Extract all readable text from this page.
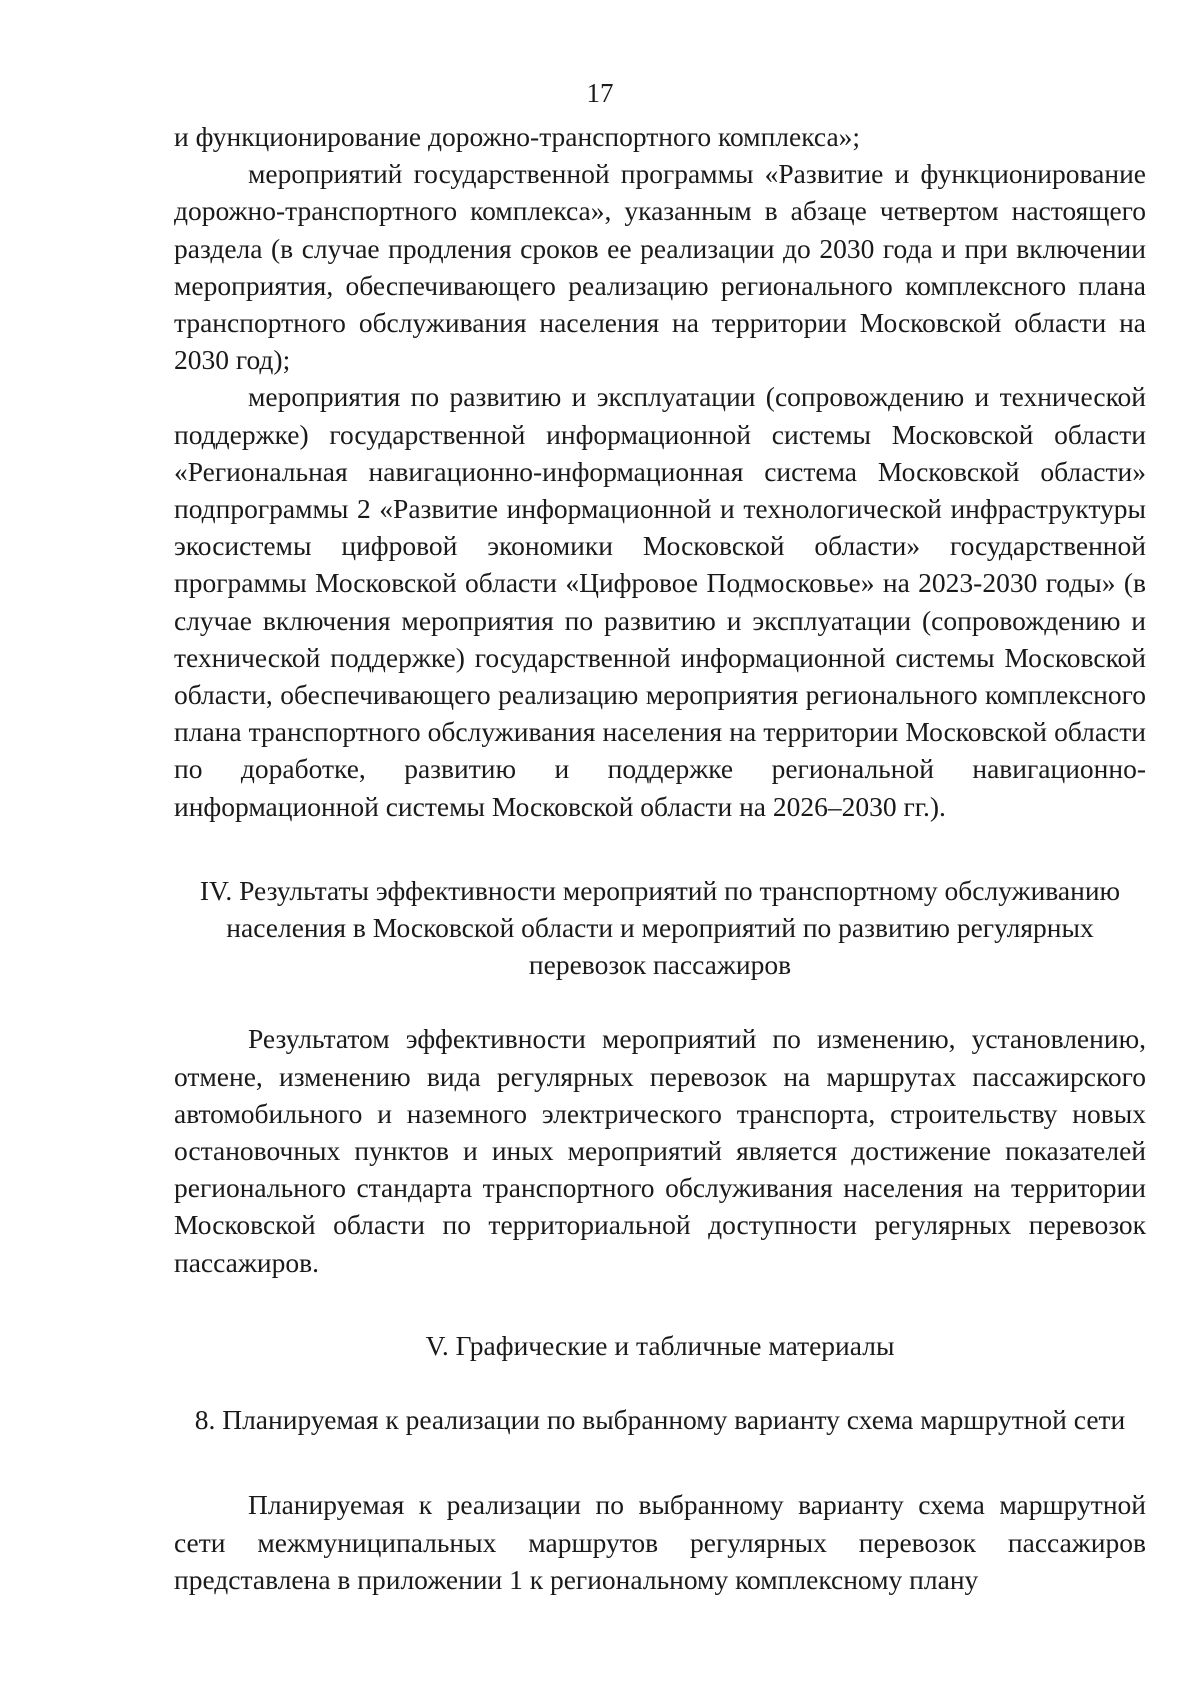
17

и функционирование дорожно-транспортного комплекса»;

мероприятий государственной программы «Развитие и функционирование дорожно-транспортного комплекса», указанным в абзаце четвертом настоящего раздела (в случае продления сроков ее реализации до 2030 года и при включении мероприятия, обеспечивающего реализацию регионального комплексного плана транспортного обслуживания населения на территории Московской области на 2030 год);

мероприятия по развитию и эксплуатации (сопровождению и технической поддержке) государственной информационной системы Московской области «Региональная навигационно-информационная система Московской области» подпрограммы 2 «Развитие информационной и технологической инфраструктуры экосистемы цифровой экономики Московской области» государственной программы Московской области «Цифровое Подмосковье» на 2023-2030 годы» (в случае включения мероприятия по развитию и эксплуатации (сопровождению и технической поддержке) государственной информационной системы Московской области, обеспечивающего реализацию мероприятия регионального комплексного плана транспортного обслуживания населения на территории Московской области по доработке, развитию и поддержке региональной навигационно-информационной системы Московской области на 2026–2030 гг.).

IV. Результаты эффективности мероприятий по транспортному обслуживанию населения в Московской области и мероприятий по развитию регулярных перевозок пассажиров

Результатом эффективности мероприятий по изменению, установлению, отмене, изменению вида регулярных перевозок на маршрутах пассажирского автомобильного и наземного электрического транспорта, строительству новых остановочных пунктов и иных мероприятий является достижение показателей регионального стандарта транспортного обслуживания населения на территории Московской области по территориальной доступности регулярных перевозок пассажиров.

V. Графические и табличные материалы

8. Планируемая к реализации по выбранному варианту схема маршрутной сети

Планируемая к реализации по выбранному варианту схема маршрутной сети межмуниципальных маршрутов регулярных перевозок пассажиров представлена в приложении 1 к региональному комплексному плану
